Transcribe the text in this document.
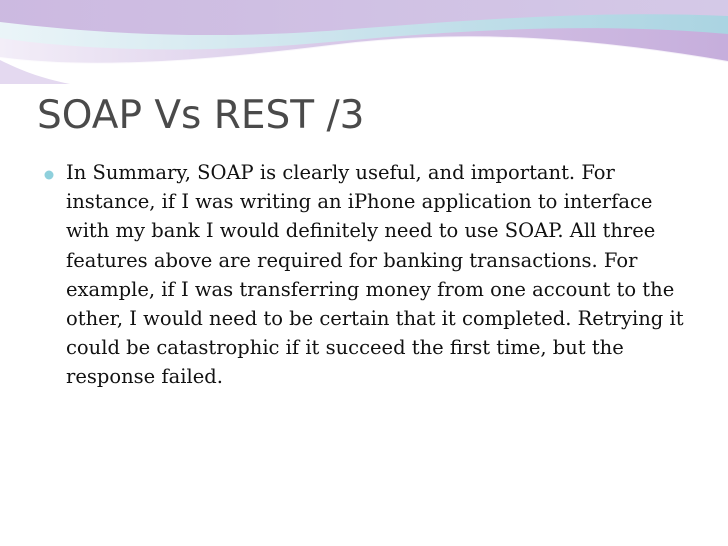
SOAP Vs REST /3

In Summary, SOAP is clearly useful, and important. For instance, if I was writing an iPhone application to interface with my bank I would definitely need to use SOAP. All three features above are required for banking transactions. For example, if I was transferring money from one account to the other, I would need to be certain that it completed. Retrying it could be catastrophic if it succeed the first time, but the response failed.
